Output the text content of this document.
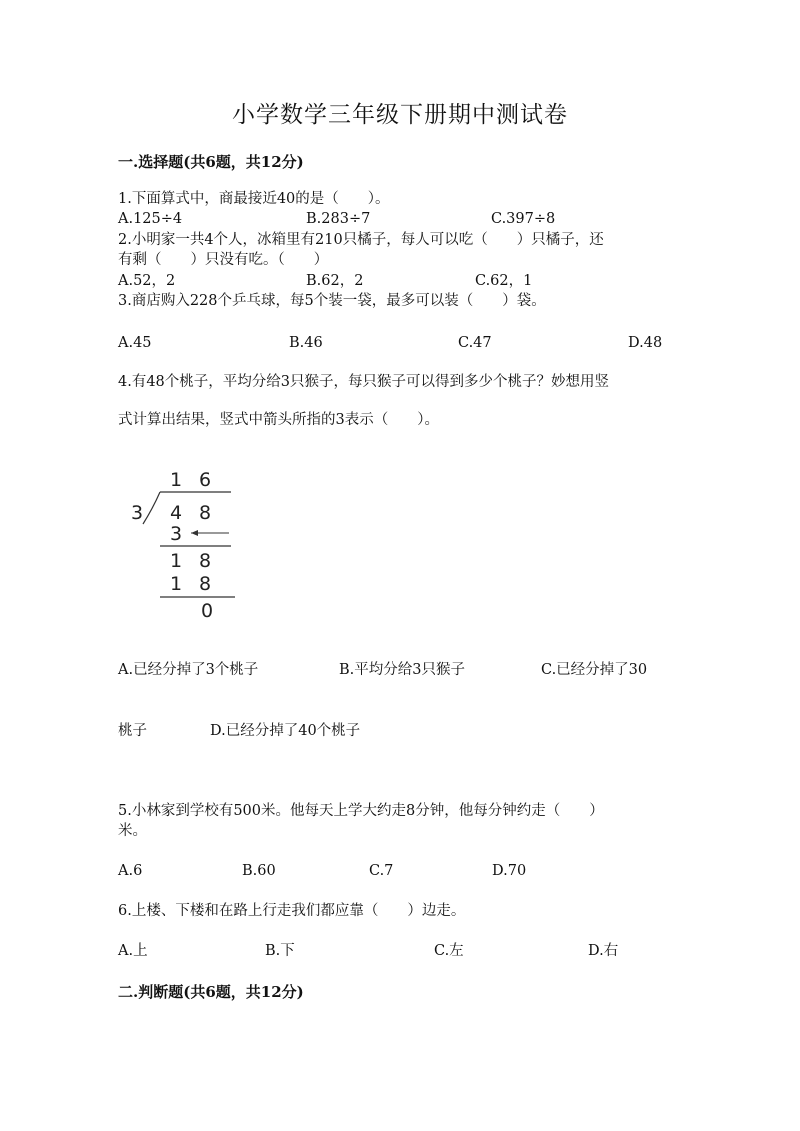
小学数学三年级下册期中测试卷
一.选择题(共6题，共12分)
1.下面算式中，商最接近40的是（　　）。
A.125÷4	B.283÷7	C.397÷8
2.小明家一共4个人，冰箱里有210只橘子，每人可以吃（　　）只橘子，还
有剩（　　）只没有吃。（　　）
A.52，2	B.62，2	C.62，1
3.商店购入228个乒乓球，每5个装一袋，最多可以装（　　）袋。
A.45	B.46	C.47	D.48
4.有48个桃子，平均分给3只猴子，每只猴子可以得到多少个桃子？妙想用竖
式计算出结果，竖式中箭头所指的3表示（　　）。
1 6
3 4 8
3
1 8
1 8
0
A.已经分掉了3个桃子	B.平均分给3只猴子	C.已经分掉了30
桃子	D.已经分掉了40个桃子
5.小林家到学校有500米。他每天上学大约走8分钟，他每分钟约走（　　）
米。
A.6	B.60	C.7	D.70
6.上楼、下楼和在路上行走我们都应靠（　　）边走。
A.上	B.下	C.左	D.右
二.判断题(共6题，共12分)
